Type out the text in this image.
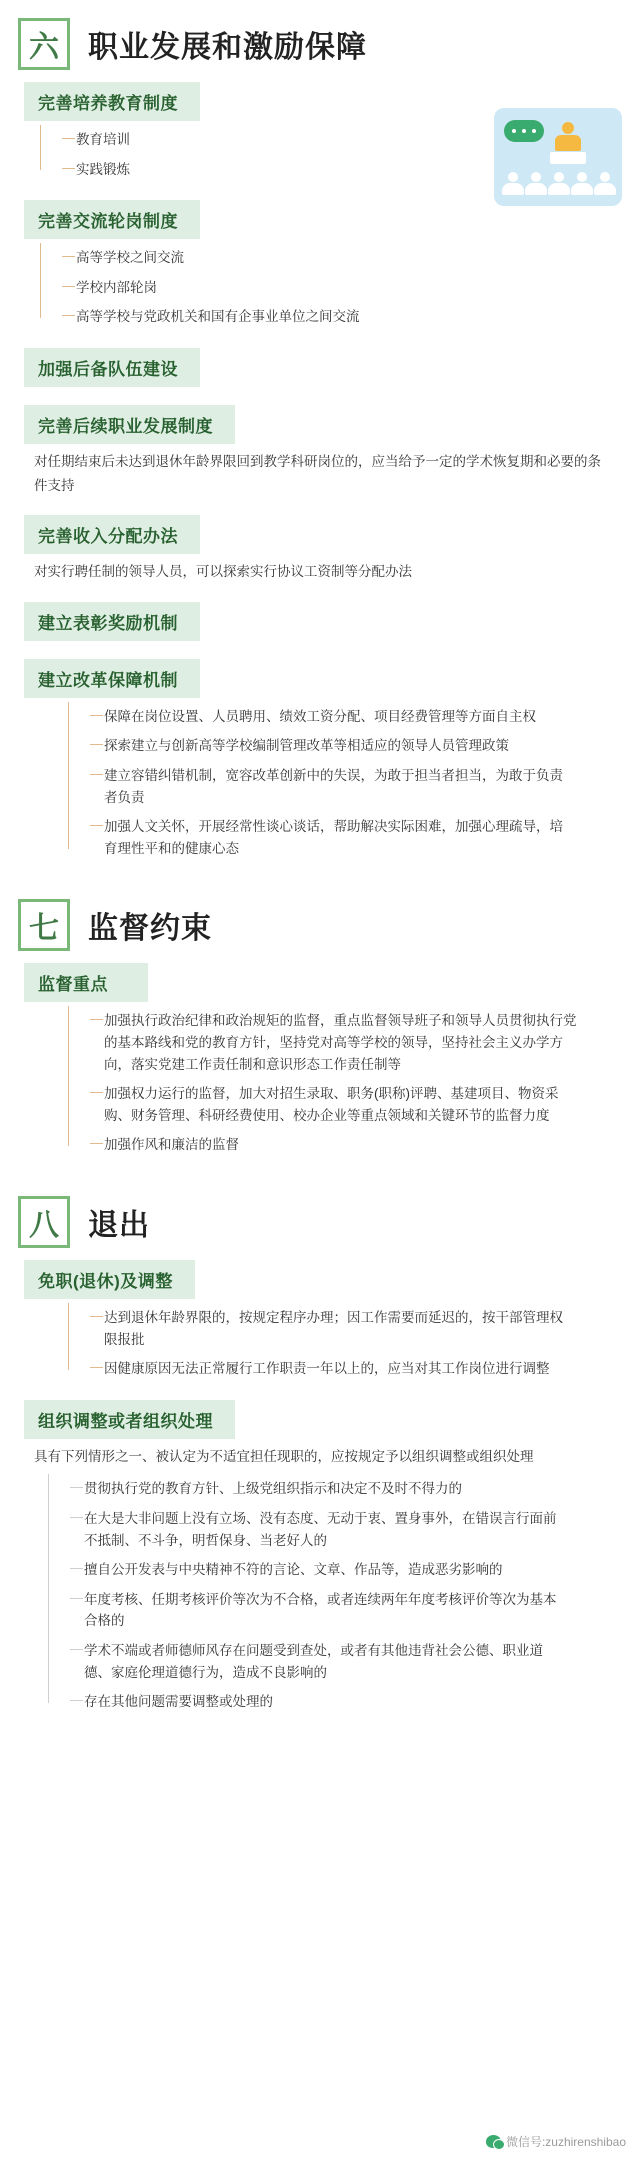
六 职业发展和激励保障
完善培养教育制度
教育培训
实践锻炼
完善交流轮岗制度
高等学校之间交流
学校内部轮岗
高等学校与党政机关和国有企事业单位之间交流
加强后备队伍建设
完善后续职业发展制度
对任期结束后未达到退休年龄界限回到教学科研岗位的，应当给予一定的学术恢复期和必要的条件支持
完善收入分配办法
对实行聘任制的领导人员，可以探索实行协议工资制等分配办法
建立表彰奖励机制
建立改革保障机制
保障在岗位设置、人员聘用、绩效工资分配、项目经费管理等方面自主权
探索建立与创新高等学校编制管理改革等相适应的领导人员管理政策
建立容错纠错机制，宽容改革创新中的失误，为敢于担当者担当，为敢于负责者负责
加强人文关怀，开展经常性谈心谈话，帮助解决实际困难，加强心理疏导，培育理性平和的健康心态
七 监督约束
监督重点
加强执行政治纪律和政治规矩的监督，重点监督领导班子和领导人员贯彻执行党的基本路线和党的教育方针，坚持党对高等学校的领导，坚持社会主义办学方向，落实党建工作责任制和意识形态工作责任制等
加强权力运行的监督，加大对招生录取、职务(职称)评聘、基建项目、物资采购、财务管理、科研经费使用、校办企业等重点领域和关键环节的监督力度
加强作风和廉洁的监督
八 退出
免职(退休)及调整
达到退休年龄界限的，按规定程序办理；因工作需要而延迟的，按干部管理权限报批
因健康原因无法正常履行工作职责一年以上的，应当对其工作岗位进行调整
组织调整或者组织处理
具有下列情形之一、被认定为不适宜担任现职的，应按规定予以组织调整或组织处理
贯彻执行党的教育方针、上级党组织指示和决定不及时不得力的
在大是大非问题上没有立场、没有态度、无动于衷、置身事外，在错误言行面前不抵制、不斗争，明哲保身、当老好人的
擅自公开发表与中央精神不符的言论、文章、作品等，造成恶劣影响的
年度考核、任期考核评价等次为不合格，或者连续两年年度考核评价等次为基本合格的
学术不端或者师德师风存在问题受到查处，或者有其他违背社会公德、职业道德、家庭伦理道德行为，造成不良影响的
存在其他问题需要调整或处理的
微信号:zuzhirenshibao
